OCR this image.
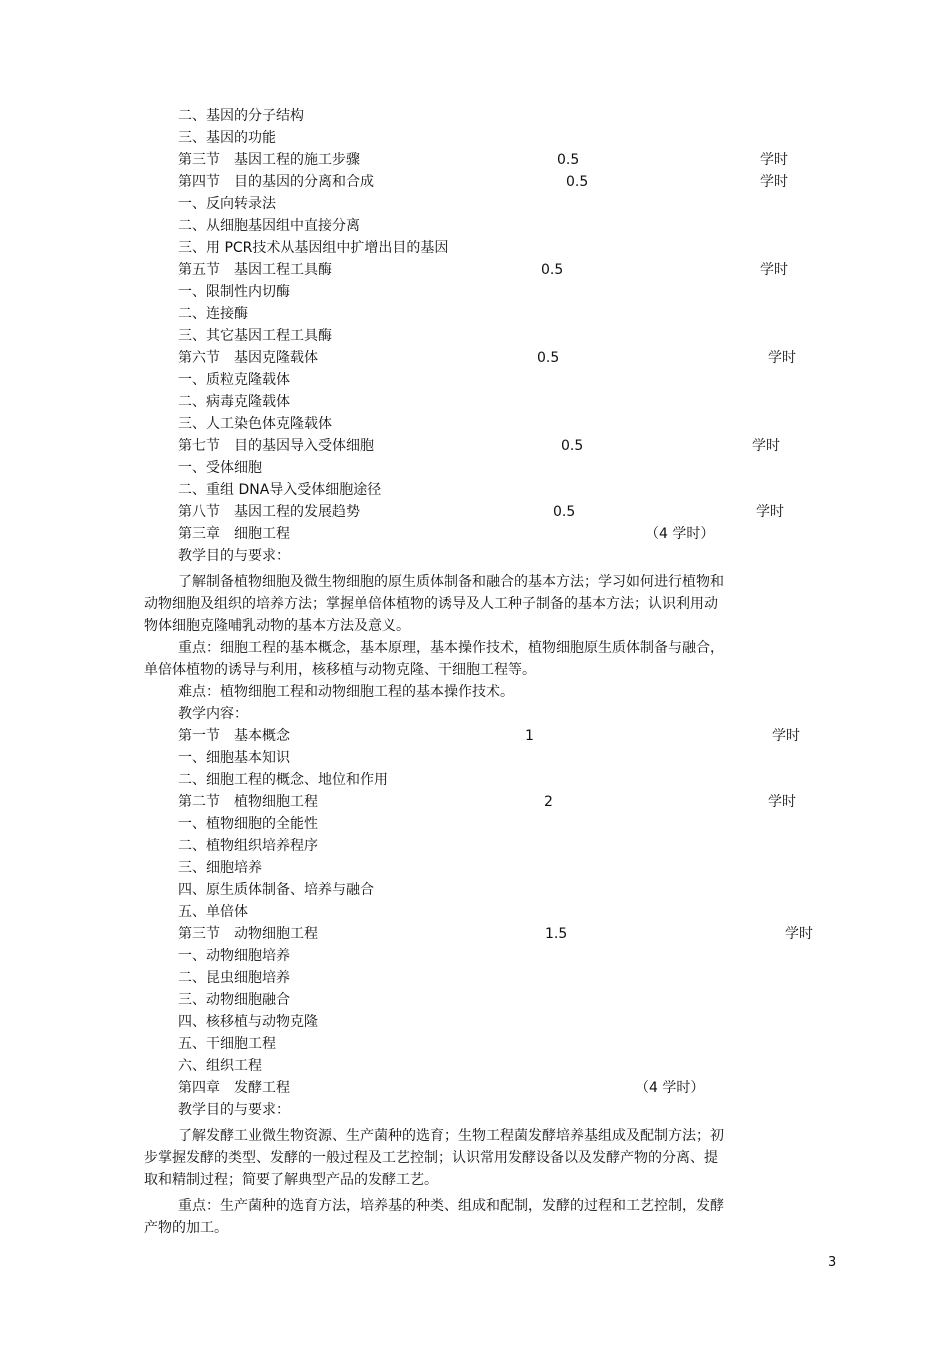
二、基因的分子结构
三、基因的功能
第三节　基因工程的施工步骤	0.5	学时
第四节　目的基因的分离和合成	0.5	学时
一、反向转录法
二、从细胞基因组中直接分离
三、用 PCR技术从基因组中扩增出目的基因
第五节　基因工程工具酶	0.5	学时
一、限制性内切酶
二、连接酶
三、其它基因工程工具酶
第六节　基因克隆载体	0.5	学时
一、质粒克隆载体
二、病毒克隆载体
三、人工染色体克隆载体
第七节　目的基因导入受体细胞	0.5	学时
一、受体细胞
二、重组 DNA导入受体细胞途径
第八节　基因工程的发展趋势	0.5	学时
第三章　细胞工程	（4 学时）
教学目的与要求：
了解制备植物细胞及微生物细胞的原生质体制备和融合的基本方法；学习如何进行植物和
动物细胞及组织的培养方法；掌握单倍体植物的诱导及人工种子制备的基本方法；认识利用动
物体细胞克隆哺乳动物的基本方法及意义。
重点：细胞工程的基本概念，基本原理，基本操作技术，植物细胞原生质体制备与融合，
单倍体植物的诱导与利用，核移植与动物克隆、干细胞工程等。
难点：植物细胞工程和动物细胞工程的基本操作技术。
教学内容：
第一节　基本概念	1	学时
一、细胞基本知识
二、细胞工程的概念、地位和作用
第二节　植物细胞工程	2	学时
一、植物细胞的全能性
二、植物组织培养程序
三、细胞培养
四、原生质体制备、培养与融合
五、单倍体
第三节　动物细胞工程	1.5	学时
一、动物细胞培养
二、昆虫细胞培养
三、动物细胞融合
四、核移植与动物克隆
五、干细胞工程
六、组织工程
第四章　发酵工程	（4 学时）
教学目的与要求：
了解发酵工业微生物资源、生产菌种的选育；生物工程菌发酵培养基组成及配制方法；初
步掌握发酵的类型、发酵的一般过程及工艺控制；认识常用发酵设备以及发酵产物的分离、提
取和精制过程；简要了解典型产品的发酵工艺。
重点：生产菌种的选育方法，培养基的种类、组成和配制，发酵的过程和工艺控制，发酵
产物的加工。
3
